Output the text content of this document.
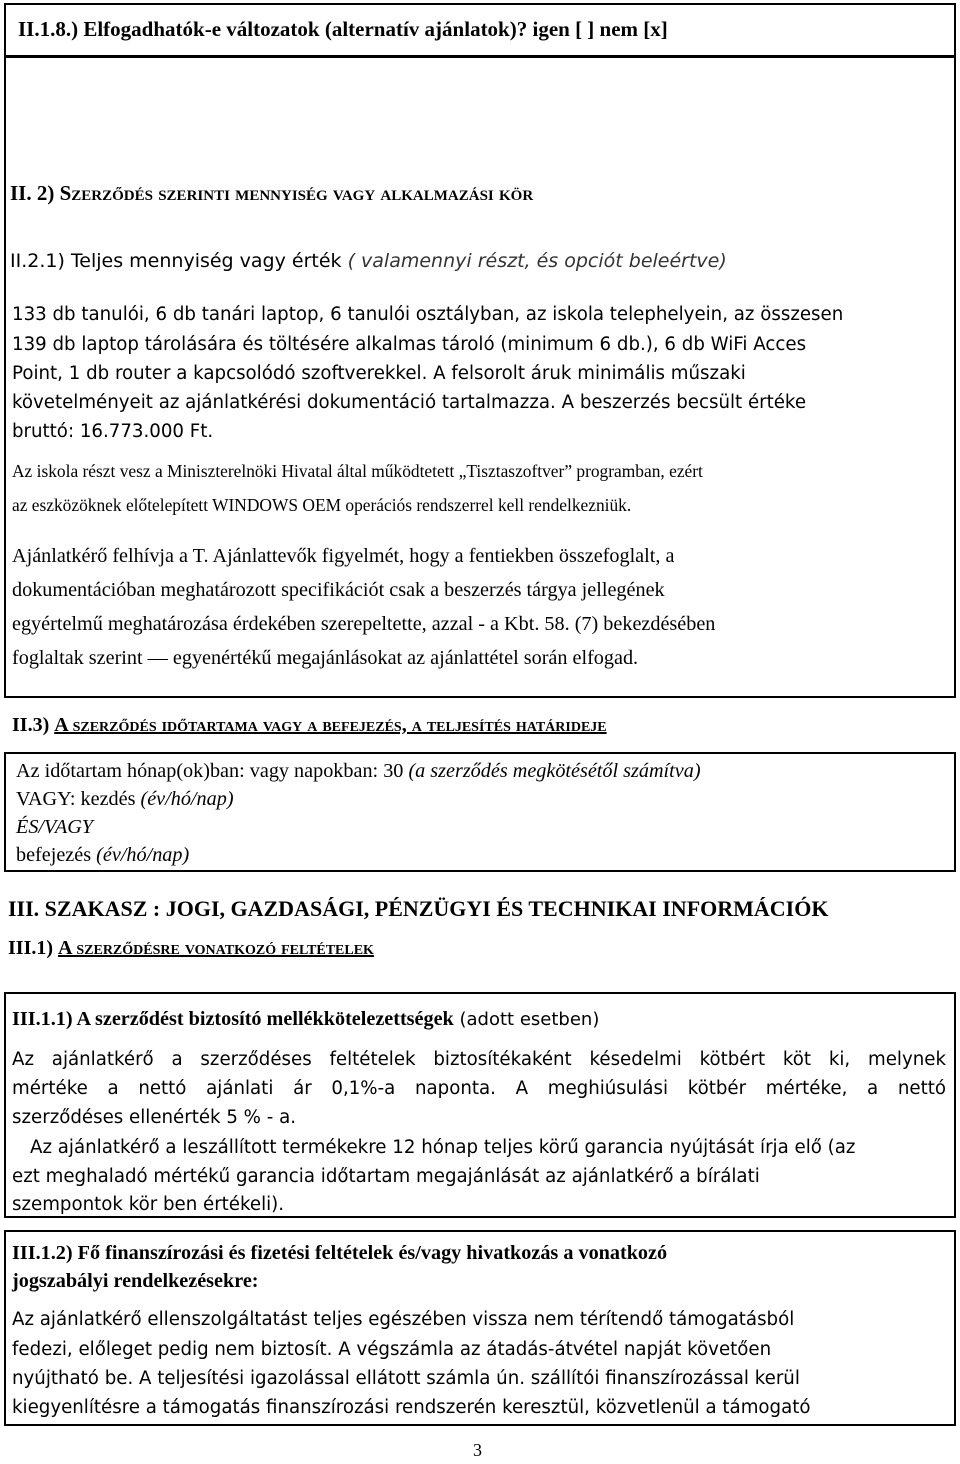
II.1.8.) Elfogadhatók-e változatok (alternatív ajánlatok)? igen [ ] nem [x]
II. 2) Szerződés szerinti mennyiség vagy alkalmazási kör
II.2.1) Teljes mennyiség vagy érték ( valamennyi részt, és opciót beleértve)
133 db tanulói, 6 db tanári laptop, 6 tanulói osztályban, az iskola telephelyein, az összesen
139 db laptop tárolására és töltésére alkalmas tároló (minimum 6 db.), 6 db WiFi Acces
Point, 1 db router a kapcsolódó szoftverekkel. A felsorolt áruk minimális műszaki
követelményeit az ajánlatkérési dokumentáció tartalmazza. A beszerzés becsült értéke
bruttó: 16.773.000 Ft.
Az iskola részt vesz a Miniszterelnöki Hivatal által működtetett „Tisztaszoftver” programban, ezért
az eszközöknek előtelepített WINDOWS OEM operációs rendszerrel kell rendelkezniük.
Ajánlatkérő felhívja a T. Ajánlattevők figyelmét, hogy a fentiekben összefoglalt, a
dokumentációban meghatározott specifikációt csak a beszerzés tárgya jellegének
egyértelmű meghatározása érdekében szerepeltette, azzal - a Kbt. 58. (7) bekezdésében
foglaltak szerint — egyenértékű megajánlásokat az ajánlattétel során elfogad.
II.3) A szerződés időtartama vagy a befejezés, a teljesítés határideje
Az időtartam hónap(ok)ban: vagy napokban: 30 (a szerződés megkötésétől számítva)
VAGY: kezdés (év/hó/nap)
ÉS/VAGY
befejezés (év/hó/nap)
III. SZAKASZ : JOGI, GAZDASÁGI, PÉNZÜGYI ÉS TECHNIKAI INFORMÁCIÓK
III.1) A szerződésre vonatkozó feltételek
III.1.1) A szerződést biztosító mellékkötelezettségek (adott esetben)
Az ajánlatkérő a szerződéses feltételek biztosítékaként késedelmi kötbért köt ki, melynek
mértéke a nettó ajánlati ár 0,1%-a naponta. A meghiúsulási kötbér mértéke, a nettó
szerződéses ellenérték 5 % - a.
Az ajánlatkérő a leszállított termékekre 12 hónap teljes körű garancia nyújtását írja elő (az
ezt meghaladó mértékű garancia időtartam megajánlását az ajánlatkérő a bírálati
szempontok kör ben értékeli).
III.1.2) Fő finanszírozási és fizetési feltételek és/vagy hivatkozás a vonatkozó
jogszabályi rendelkezésekre:
Az ajánlatkérő ellenszolgáltatást teljes egészében vissza nem térítendő támogatásból
fedezi, előleget pedig nem biztosít. A végszámla az átadás-átvétel napját követően
nyújtható be. A teljesítési igazolással ellátott számla ún. szállítói finanszírozással kerül
kiegyenlítésre a támogatás finanszírozási rendszerén keresztül, közvetlenül a támogató
3
